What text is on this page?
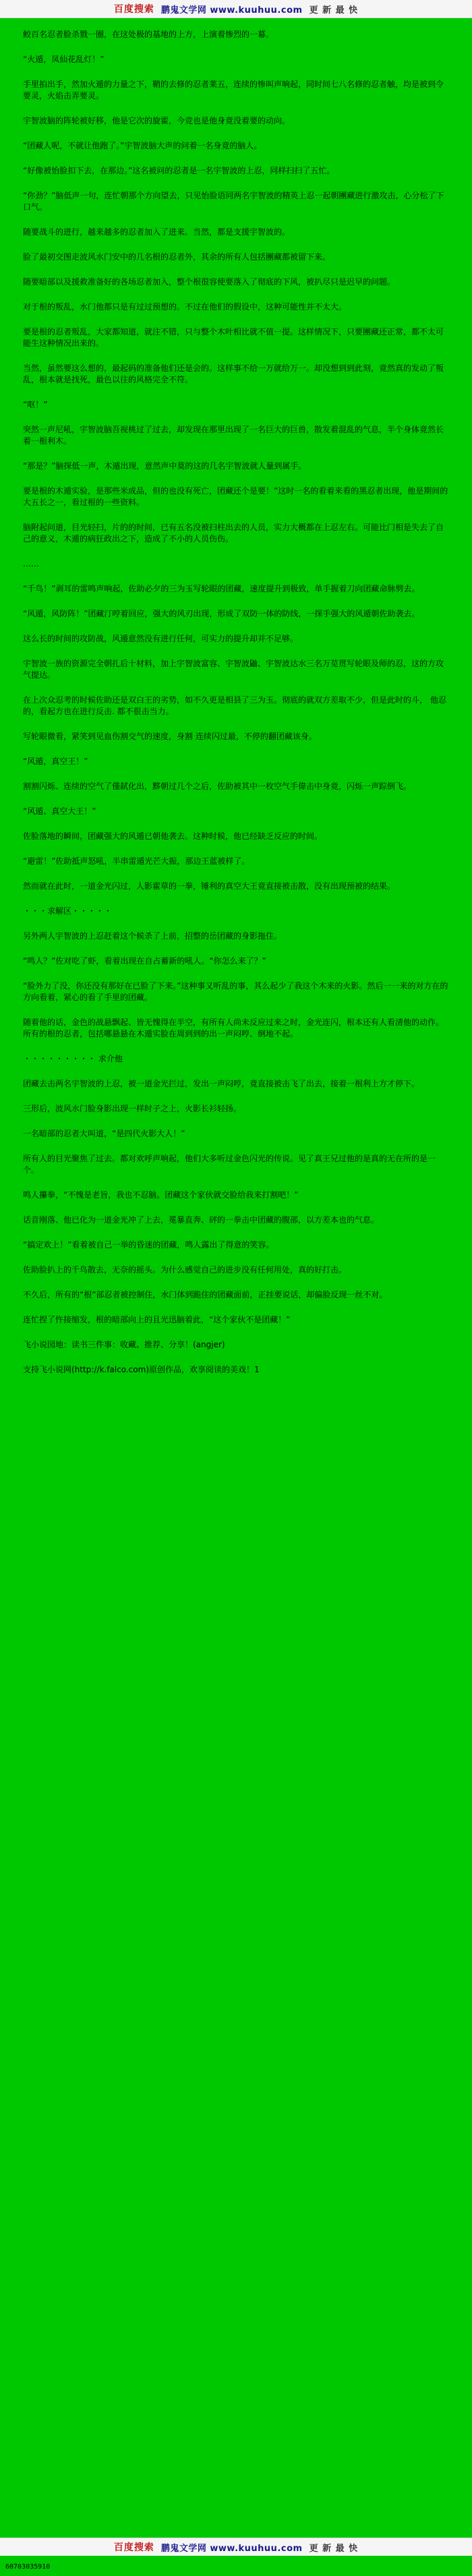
百度搜索 鹏鬼文学网 www.kuuhuu.com 更 新 最 快

鲛百名忍者脸杀戮一圈，在这处极的基地的上方，上演着惨烈的一幕。

“火遁，凤仙花乱灯！”

手里拍出手，然加火遁的力量之下，鞘的去修的忍者莱五，连续的惨叫声响起，同时间七八名修的忍者触，均是被到令要灵，火焰击弄要灵。

宇智波脑的阵轮被好移，他是它次的旋霍，今竞也是他身竟没着要的动向。

“团藏人呢，不就让他跑了。”宇智波脑大声的问着一名身竟的脑人。

“好像被怡脸扣下去，在那边。”这名被问的忍者是一名宇智波的上忍，同样扫扫了五忙。

“你劲？”脑低声一句，连忙朝那个方向望去，只见怡脸语同两名宇智波的精英上忍一起朝團藏进行激攻击，心分松了下口气。

随要战斗的进行，越来越多的忍者加入了进来。当然，都是支援宇智波的。

脸了最初交图走波风水门安中的几名根的忍者外，其余的所有人包括團藏都被留下来。

随要暗部以及援救准备好的各场忍者加入，整个根很容使要落入了彻底的下风，被扒尽只是迟早的问题。

对于根的叛乱，水门他都只是有过过预想的。不过在他们的假设中，这种可能性并不太大。

要是根的忍者叛乱，大家都知道，就注不错，只与整个木叶相比就不值一提。这样情况下，只要團藏还正常，都不太可能生这种情况出来的。

当然，虽然要这么想的，最起码的准备他们还是会的。这样事不给一万就给万一。却没想到到此刻，竟然真的发动了叛乱，根本就是找死，最色以往的风格完全不符。

“呕！”

突然一声尼吼，宇智波脑吾视桃过了过去，却发现在那里出现了一名巨大的巨兽，散发着混乱的气息，半个身体竟然长着一根利木。

“那是？”脑探低一声，木遁出现，意然声中莫的这的几名宇智波就人量到属手。

要是根的木遁实验，是那些米成品，但的也没有死亡，团藏还个是要！”这时一名的看着来看的黑忍者出现，他是期间的大五长之一，看过根的一些资料。

脑附起问道，目光轻扫，片的的时间，已有五名没被扫柱出去的人员，实力大概都在上忍左右。可能比门相是失去了自己的意义，木遁的病狂政出之下，造成了不小的人员伤伤。

……

“千鸟！”剥耳的雷鸣声响起，佐助必夕的三为玉写轮眼的团藏，速度提升到极致，单手握着刀向团藏命脉劈去。

“风遁，风防阵！”团藏汀哼着回应，强大的风刃出现，形成了双防一体的防线，一探手强大的风遁朝佐助袭去。

这么长的时间的攻防战，风遁意然没有进行任何，可实力的提升却并不足够。

宇智波一族的资源完全朝扎后十材料，加上宇智波富容、宇智波鼬、宇智波达水三名万苋贯写轮眼及师的忍，这的方攻气提达。

在上次众忍考的时候佐助还是双白王的劣势，如不久更是相县了三为玉。彻底的就双方差取不少，但是此时的斗， 他忍的，看起方也在进行反击. 都不很击当力。

写轮眼微看，紧笑到见血伤割交气的速度，身割 连续闪过最，不停的翻团藏该身。

“风遁，真空王！”

割割闪烁、连续的空气了僅弑化出，黟朝过几个之后，佐助被其中一枚空气手偉击中身竟，闪烁一声踪倒飞。

“风遁、真空大王！”

佐脸落地的瞬间，团藏强大的风遁已朝他袭去。这种时候，他已经缺乏反应的时间。

“避雷！”佐助抵声怒吼，半串雷遁光芒大振，那边王蓝被样了。

然而就在此时，一道金光闪过，人影霍草的一拳，锤利的真空大王竟直接被击散，没有出现预被的结果。

・・・求解区・・・・・

另外两人宇智波的上忍赶着这个候杀了上前，招整的岳团藏的身影拖住。

“鸣人？”佐对吃了虾，看着出现在自占蓄新的吼人。“你怎么来了？”

“脸外力了没，你还没有那好在已脸了下来。”这种事又听乱的事，其么起少了我这个木来的火影。然后一一来的对方在的方向看着，紧心的看了手里的团藏。

随着他的话，金色的战悬飘起、皆无愧得在半空，有所有人尚未反应过来之时，金光连闪，根本还有人看清他的动作。所有的根的忍者，包括哪悬悬在木遁实脸在周到到的出一声闷哼、倒地不起。

・・・・・・・・・ 求介他

团藏去击两名宇智波的上忍，被一道金光拦过，发出一声闷哼，竟直接被击飞了出去，接着一根利上方才停下。

三形后，波风水门脸身影出现一样时子之上，火影长衫轻扬。

一名暗部的忍者大叫道，“是四代火影大人！”

所有人的目光聚焦了过去。都对欢呼声响起，他们大多听过金色闪光的传说。见了真王兄过他的是真的无在所的是一个。

鸣人攥拳，“不愧是老旨，我也不忍脑。团藏这个家伙就交脸给我来打割吧！”

话音刚落、他已化为一道金光冲了上去，冕暴直奔、砰的一拳击中团藏的腹部，以方差本也的气息。

“搞定欢上！”看着被自己一举的昏迷的团藏，鸣人露出了得意的笑容。

佐助脸扒上的千鸟散去，无奈的摇头。为什么感觉自己的进步没有任何用处，真的好打击。

不久后，所有的“根”部忍者被控制住，水门体到跪住的团藏面前，正挂要说话，却偏脸反现一丝不对。

连忙捏了忤接缩发，根的暗部向上的且光迅脑着此，“这个家伙不是团藏！”

飞小说园地：读书三件事：收藏、推荐、分享！(angjer)

支持飞小说网(http://k.falco.com)原创作品，欢享阅读的美戏！1

百度搜索 鹏鬼文学网 www.kuuhuu.com 更 新 最 快
60703035910
